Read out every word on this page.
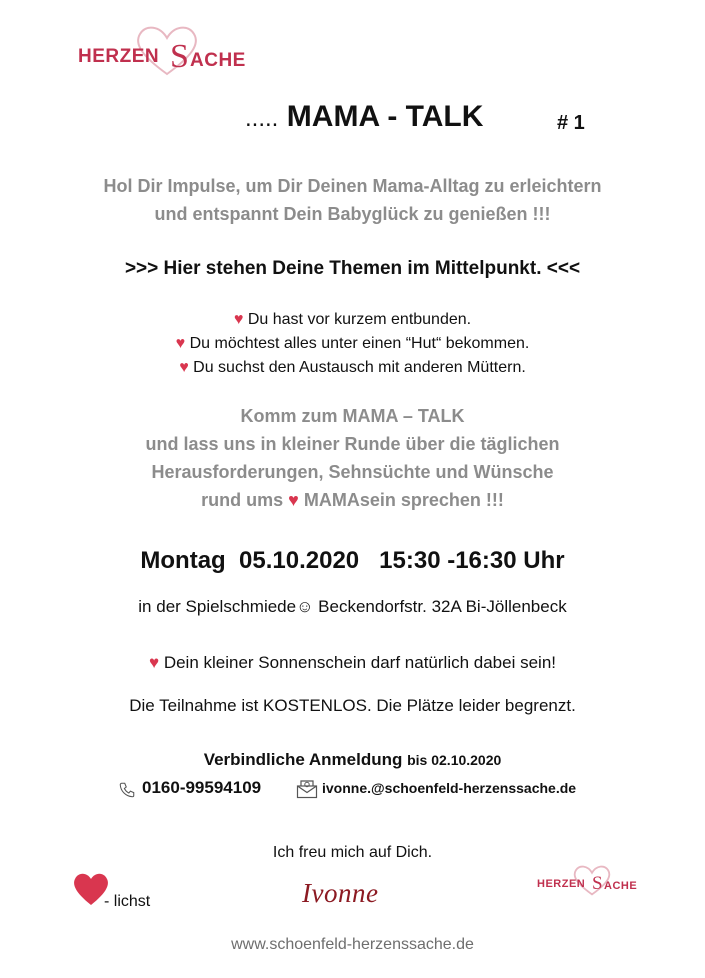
HERZEN S ACHE
..... MAMA - TALK	# 1
Hol Dir Impulse, um Dir Deinen Mama-Alltag zu erleichtern
und entspannt Dein Babyglück zu genießen !!!
>>> Hier stehen Deine Themen im Mittelpunkt. <<<
♥ Du hast vor kurzem entbunden.
♥ Du möchtest alles unter einen “Hut“ bekommen.
♥ Du suchst den Austausch mit anderen Müttern.
Komm zum MAMA – TALK
und lass uns in kleiner Runde über die täglichen
Herausforderungen, Sehnsüchte und Wünsche
rund ums ♥ MAMAsein sprechen !!!
Montag  05.10.2020   15:30 -16:30 Uhr
in der Spielschmiede☺ Beckendorfstr. 32A Bi-Jöllenbeck
♥ Dein kleiner Sonnenschein darf natürlich dabei sein!
Die Teilnahme ist KOSTENLOS. Die Plätze leider begrenzt.
Verbindliche Anmeldung bis 02.10.2020
0160-99594109	ivonne.@schoenfeld-herzenssache.de
Ich freu mich auf Dich.
- lichst	Ivonne	HERZEN S ACHE
www.schoenfeld-herzenssache.de
